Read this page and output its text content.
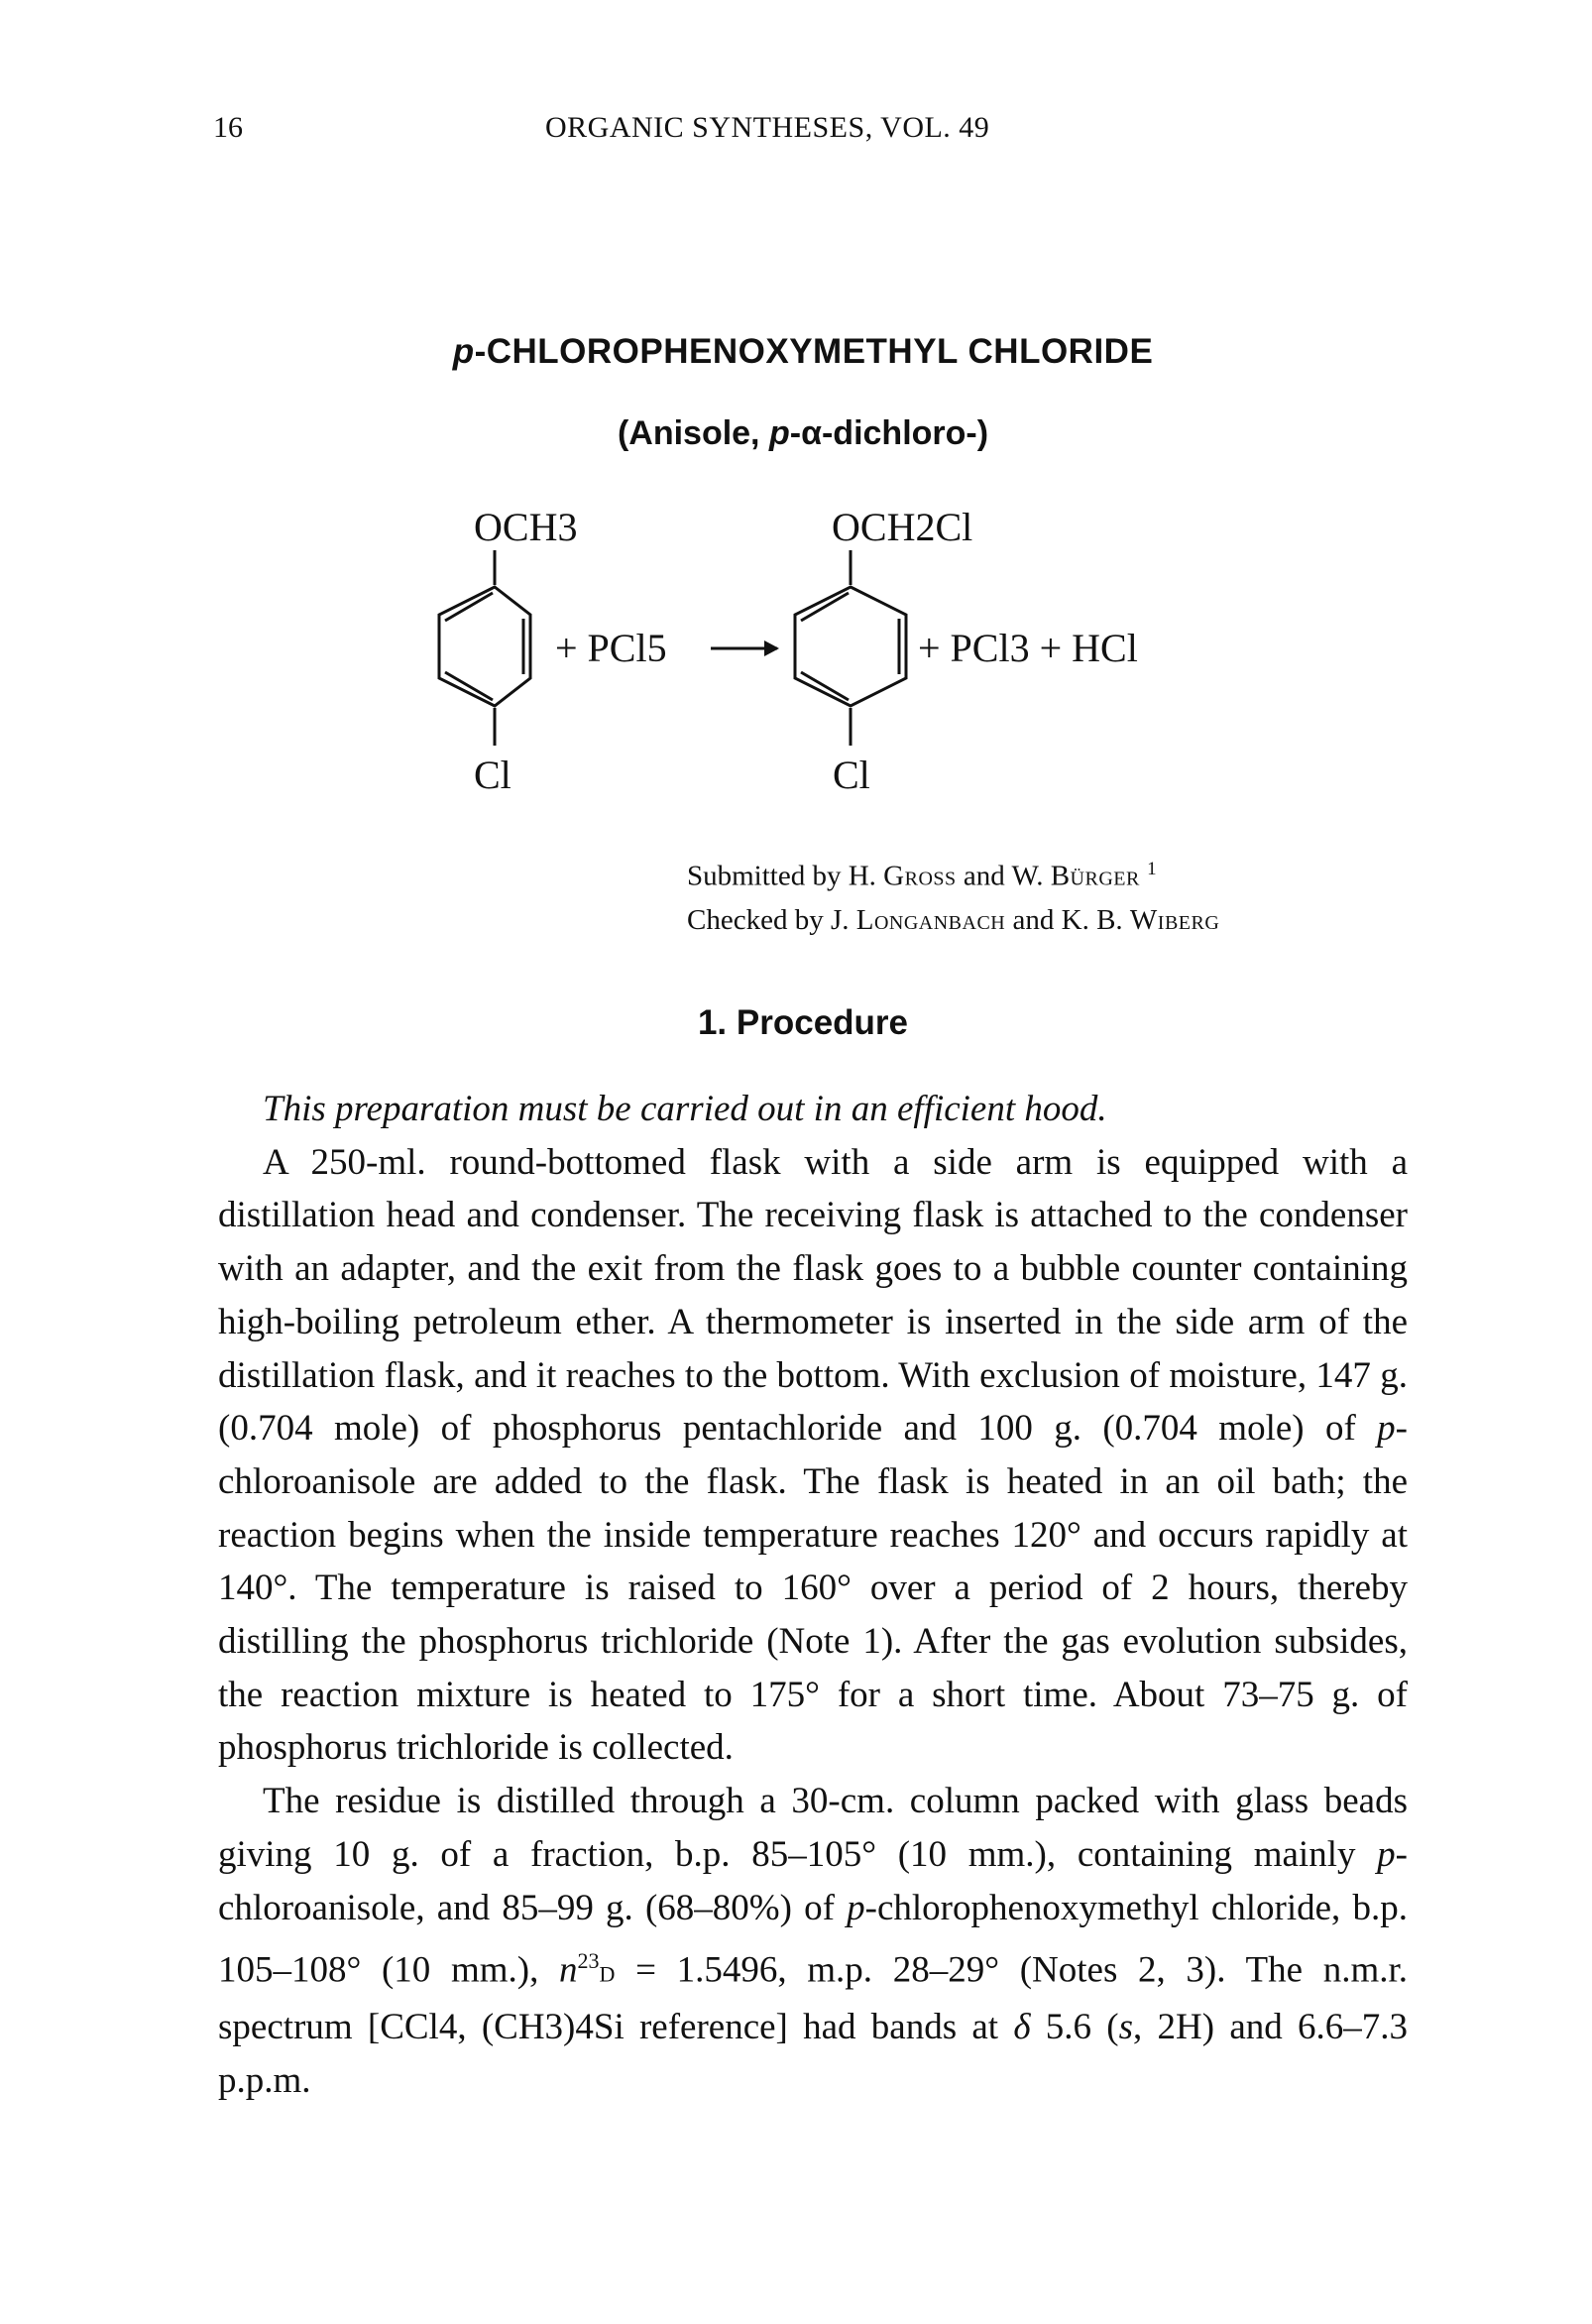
16	ORGANIC SYNTHESES, VOL. 49
p-CHLOROPHENOXYMETHYL CHLORIDE
(Anisole, p-α-dichloro-)
OCH3
Cl
+ PCl5
OCH2Cl
Cl
+ PCl3 + HCl
Submitted by H. Gross and W. Bürger $^1$
Checked by J. Longanbach and K. B. Wiberg
1. Procedure

This preparation must be carried out in an efficient hood.

A 250-ml. round-bottomed flask with a side arm is equipped with a distillation head and condenser. The receiving flask is attached to the condenser with an adapter, and the exit from the flask goes to a bubble counter containing high-boiling petroleum ether. A thermometer is inserted in the side arm of the distillation flask, and it reaches to the bottom. With exclusion of moisture, 147 g. (0.704 mole) of phosphorus pentachloride and 100 g. (0.704 mole) of p-chloroanisole are added to the flask. The flask is heated in an oil bath; the reaction begins when the inside temperature reaches 120° and occurs rapidly at 140°. The temperature is raised to 160° over a period of 2 hours, thereby distilling the phosphorus trichloride (Note 1). After the gas evolution subsides, the reaction mixture is heated to 175° for a short time. About 73–75 g. of phosphorus trichloride is collected.

The residue is distilled through a 30-cm. column packed with glass beads giving 10 g. of a fraction, b.p. 85–105° (10 mm.), containing mainly p-chloroanisole, and 85–99 g. (68–80%) of p-chlorophenoxymethyl chloride, b.p. 105–108° (10 mm.), $n^{23}D = 1.5496$, m.p. 28–29° (Notes 2, 3). The n.m.r. spectrum [CCl4, (CH3)4Si reference] had bands at δ 5.6 (s, 2H) and 6.6–7.3 p.p.m.
